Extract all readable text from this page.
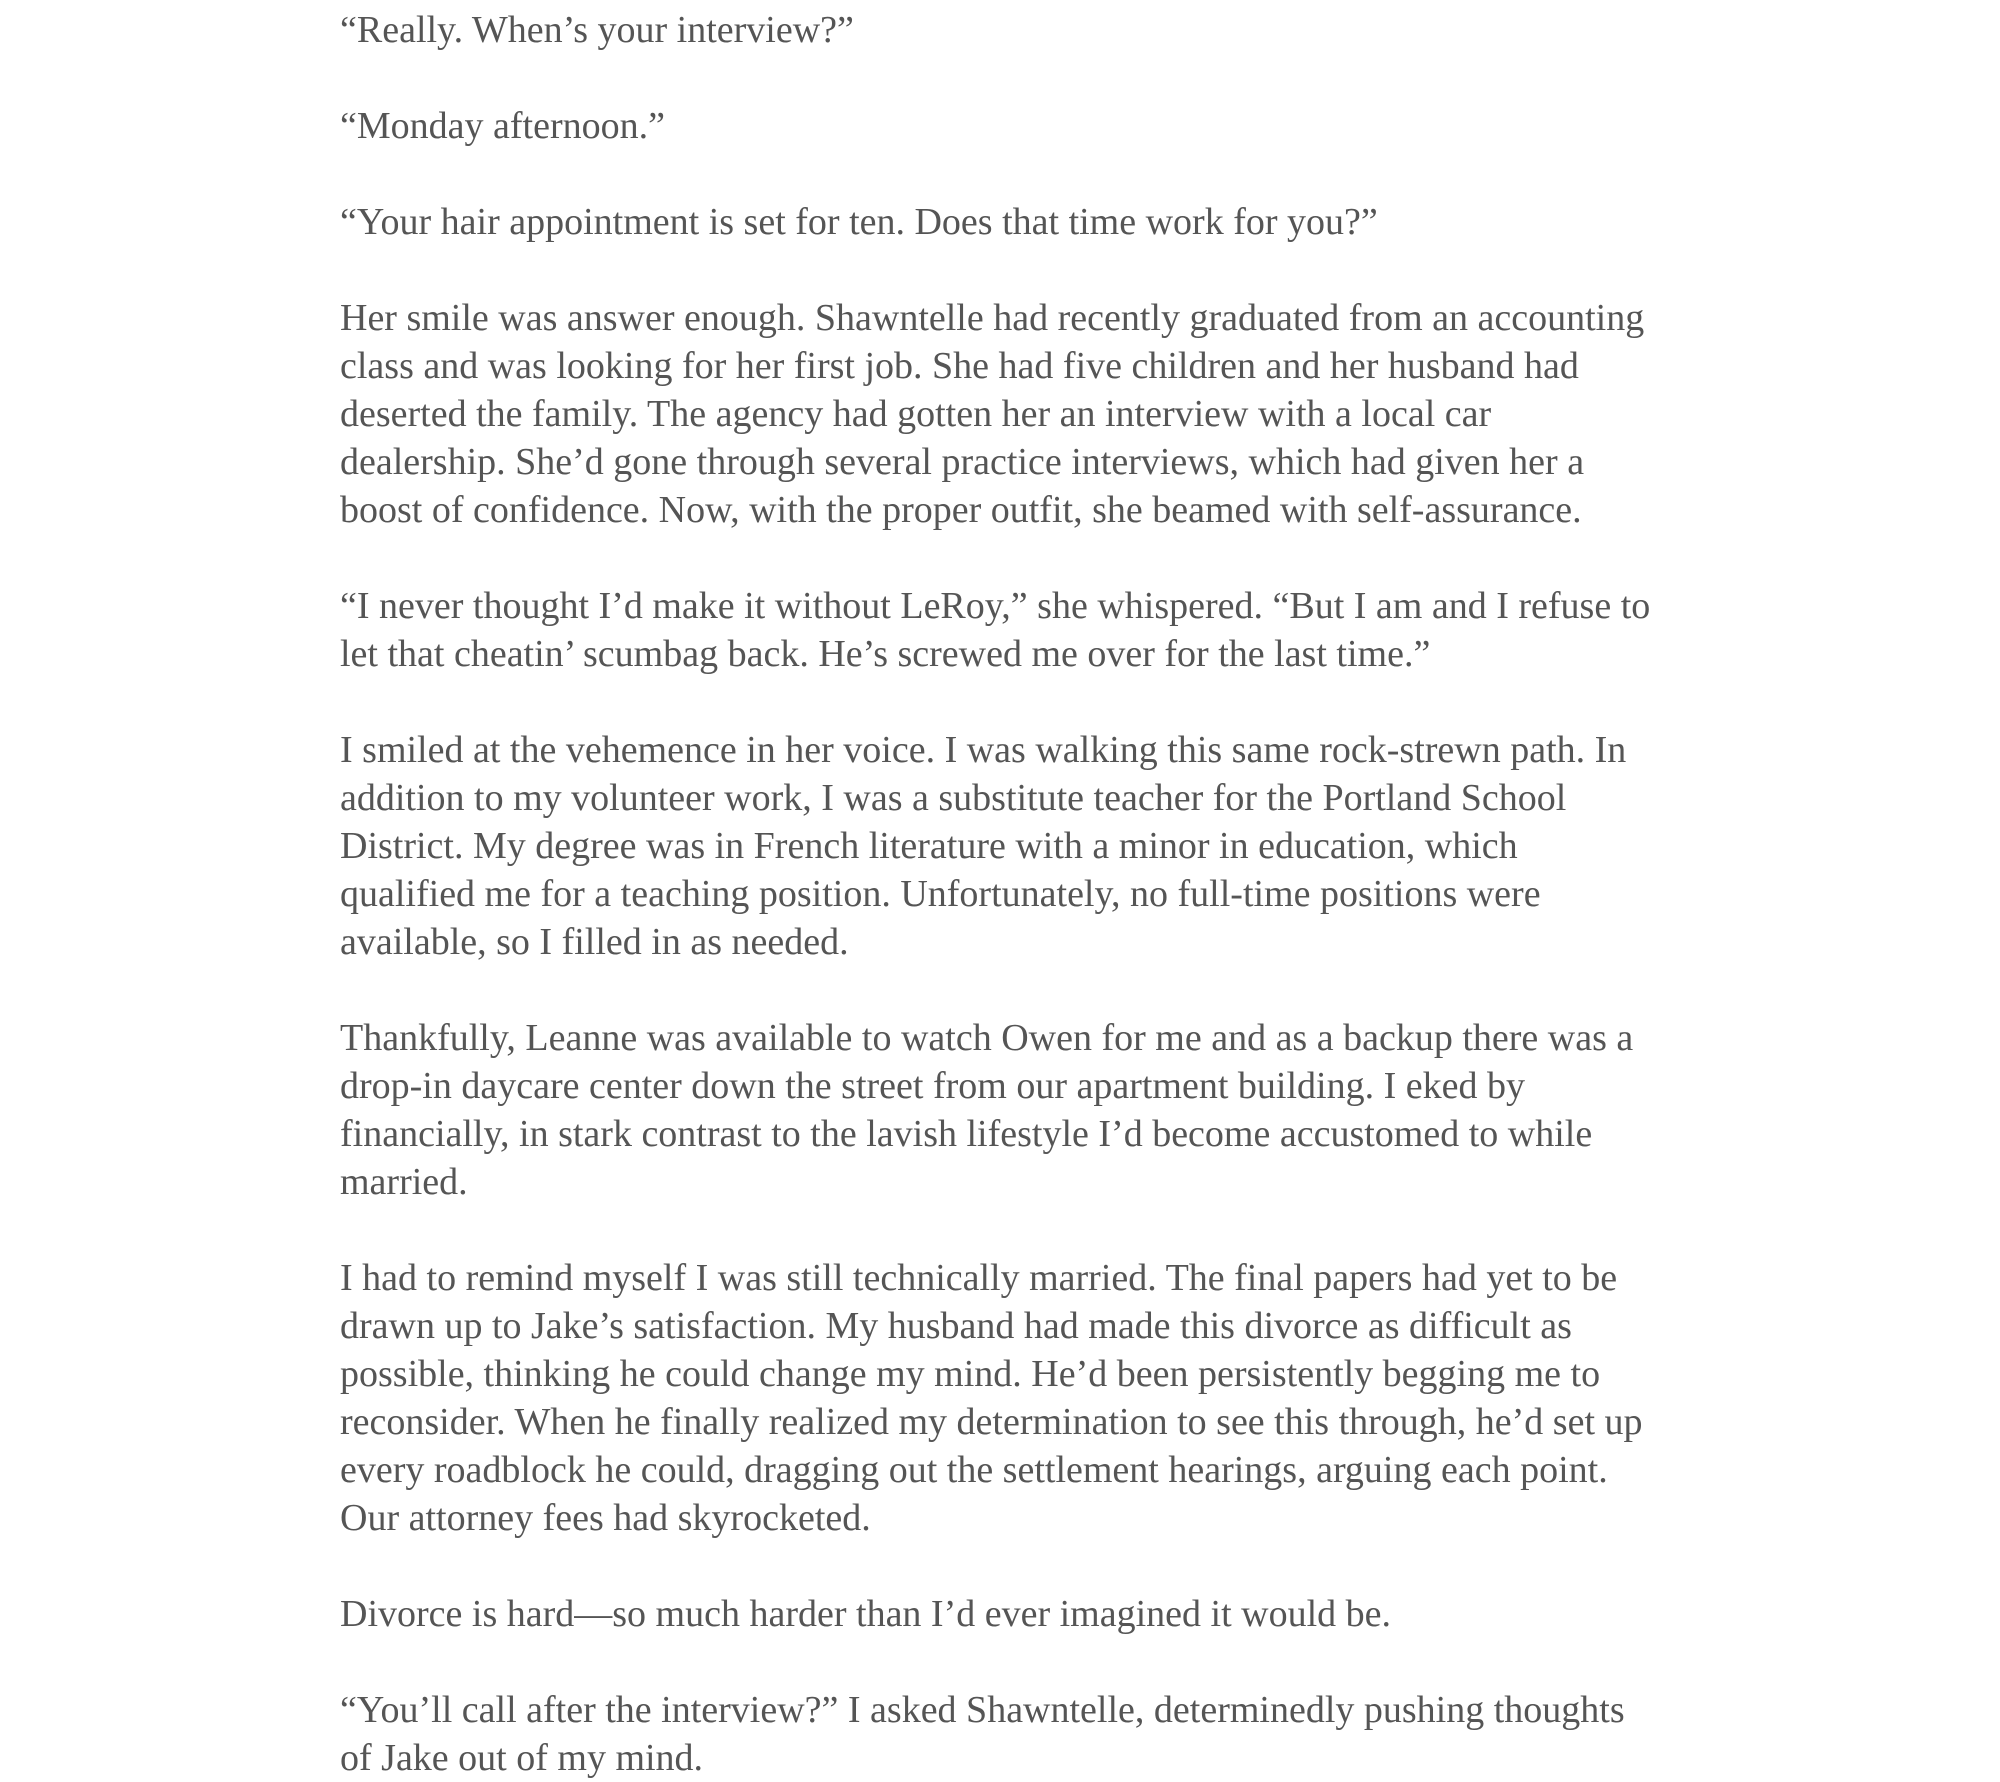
“Really. When’s your interview?”

“Monday afternoon.”

“Your hair appointment is set for ten. Does that time work for you?”

Her smile was answer enough. Shawntelle had recently graduated from an accounting
class and was looking for her first job. She had five children and her husband had
deserted the family. The agency had gotten her an interview with a local car
dealership. She’d gone through several practice interviews, which had given her a
boost of confidence. Now, with the proper outfit, she beamed with self-assurance.

“I never thought I’d make it without LeRoy,” she whispered. “But I am and I refuse to
let that cheatin’ scumbag back. He’s screwed me over for the last time.”

I smiled at the vehemence in her voice. I was walking this same rock-strewn path. In
addition to my volunteer work, I was a substitute teacher for the Portland School
District. My degree was in French literature with a minor in education, which
qualified me for a teaching position. Unfortunately, no full-time positions were
available, so I filled in as needed.

Thankfully, Leanne was available to watch Owen for me and as a backup there was a
drop-in daycare center down the street from our apartment building. I eked by
financially, in stark contrast to the lavish lifestyle I’d become accustomed to while
married.

I had to remind myself I was still technically married. The final papers had yet to be
drawn up to Jake’s satisfaction. My husband had made this divorce as difficult as
possible, thinking he could change my mind. He’d been persistently begging me to
reconsider. When he finally realized my determination to see this through, he’d set up
every roadblock he could, dragging out the settlement hearings, arguing each point.
Our attorney fees had skyrocketed.

Divorce is hard—so much harder than I’d ever imagined it would be.

“You’ll call after the interview?” I asked Shawntelle, determinedly pushing thoughts
of Jake out of my mind.
